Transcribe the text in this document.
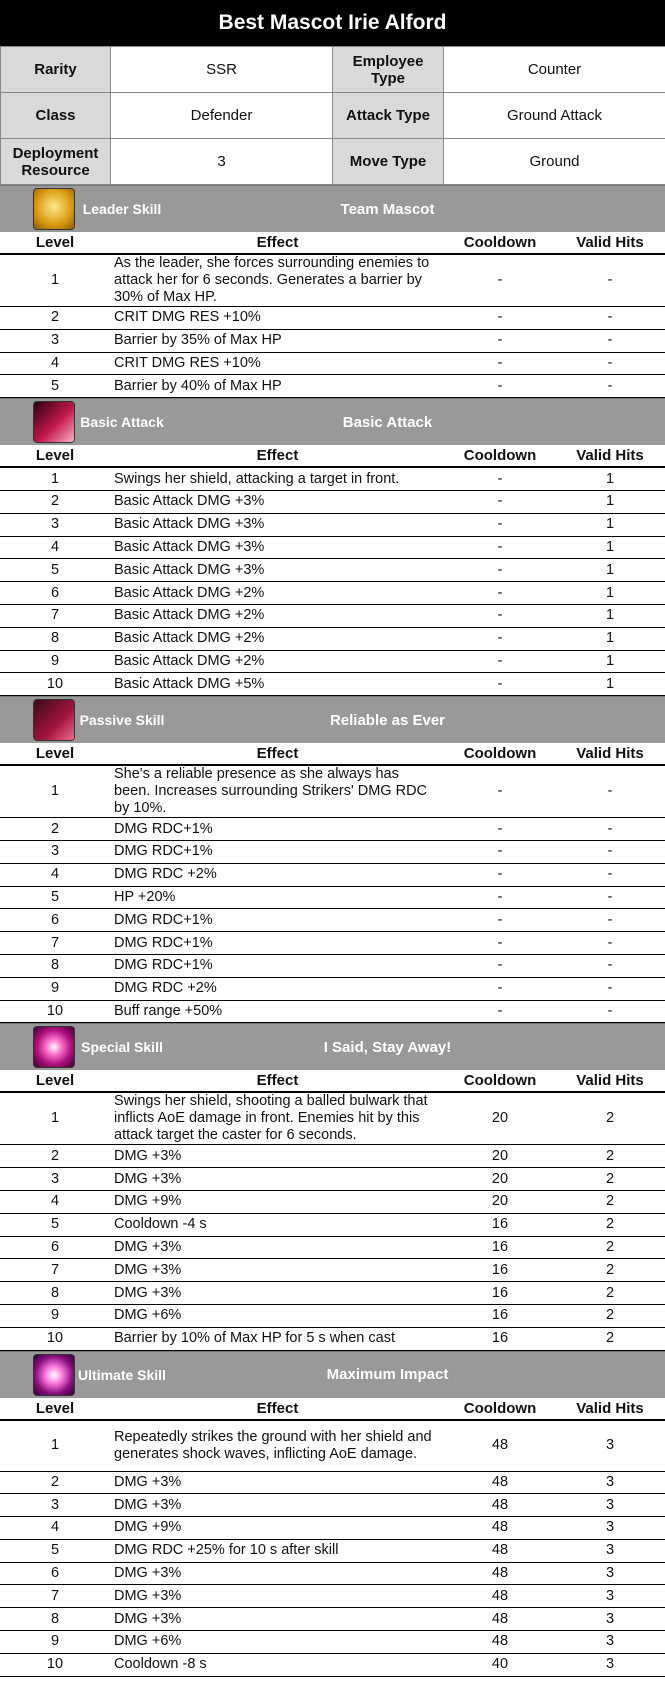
Best Mascot Irie Alford
Rarity	SSR	Employee Type	Counter
Class	Defender	Attack Type	Ground Attack
Deployment Resource	3	Move Type	Ground
Leader Skill	Team Mascot
Level	Effect	Cooldown	Valid Hits
1	As the leader, she forces surrounding enemies to attack her for 6 seconds. Generates a barrier by 30% of Max HP.	-	-
2	CRIT DMG RES +10%	-	-
3	Barrier by 35% of Max HP	-	-
4	CRIT DMG RES +10%	-	-
5	Barrier by 40% of Max HP	-	-
Basic Attack	Basic Attack
Level	Effect	Cooldown	Valid Hits
1	Swings her shield, attacking a target in front.	-	1
2	Basic Attack DMG +3%	-	1
3	Basic Attack DMG +3%	-	1
4	Basic Attack DMG +3%	-	1
5	Basic Attack DMG +3%	-	1
6	Basic Attack DMG +2%	-	1
7	Basic Attack DMG +2%	-	1
8	Basic Attack DMG +2%	-	1
9	Basic Attack DMG +2%	-	1
10	Basic Attack DMG +5%	-	1
Passive Skill	Reliable as Ever
Level	Effect	Cooldown	Valid Hits
1	She's a reliable presence as she always has been. Increases surrounding Strikers' DMG RDC by 10%.	-	-
2	DMG RDC+1%	-	-
3	DMG RDC+1%	-	-
4	DMG RDC +2%	-	-
5	HP +20%	-	-
6	DMG RDC+1%	-	-
7	DMG RDC+1%	-	-
8	DMG RDC+1%	-	-
9	DMG RDC +2%	-	-
10	Buff range +50%	-	-
Special Skill	I Said, Stay Away!
Level	Effect	Cooldown	Valid Hits
1	Swings her shield, shooting a balled bulwark that inflicts AoE damage in front. Enemies hit by this attack target the caster for 6 seconds.	20	2
2	DMG +3%	20	2
3	DMG +3%	20	2
4	DMG +9%	20	2
5	Cooldown -4 s	16	2
6	DMG +3%	16	2
7	DMG +3%	16	2
8	DMG +3%	16	2
9	DMG +6%	16	2
10	Barrier by 10% of Max HP for 5 s when cast	16	2
Ultimate Skill	Maximum Impact
Level	Effect	Cooldown	Valid Hits
1	Repeatedly strikes the ground with her shield and generates shock waves, inflicting AoE damage.	48	3
2	DMG +3%	48	3
3	DMG +3%	48	3
4	DMG +9%	48	3
5	DMG RDC +25% for 10 s after skill	48	3
6	DMG +3%	48	3
7	DMG +3%	48	3
8	DMG +3%	48	3
9	DMG +6%	48	3
10	Cooldown -8 s	40	3
